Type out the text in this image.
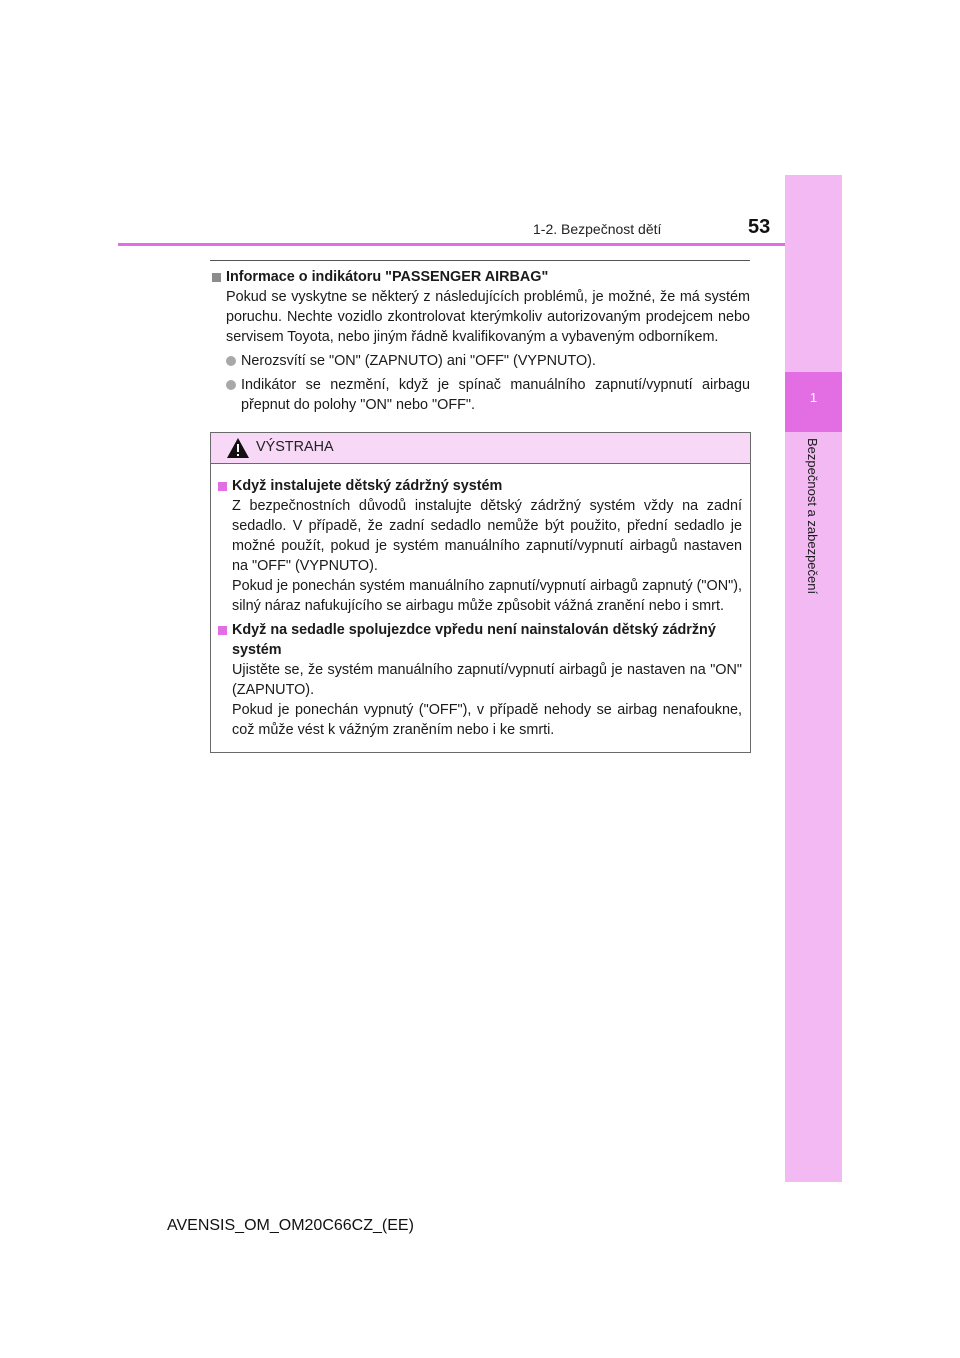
1
Bezpečnost a zabezpečení
1-2. Bezpečnost dětí	53
Informace o indikátoru "PASSENGER AIRBAG"
Pokud se vyskytne se některý z následujících problémů, je možné, že má systém poruchu. Nechte vozidlo zkontrolovat kterýmkoliv autorizovaným prodejcem nebo servisem Toyota, nebo jiným řádně kvalifikovaným a vybaveným odborníkem.
Nerozsvítí se "ON" (ZAPNUTO) ani "OFF" (VYPNUTO).
Indikátor se nezmění, když je spínač manuálního zapnutí/vypnutí airbagu přepnut do polohy "ON" nebo "OFF".
VÝSTRAHA
Když instalujete dětský zádržný systém
Z bezpečnostních důvodů instalujte dětský zádržný systém vždy na zadní sedadlo. V případě, že zadní sedadlo nemůže být použito, přední sedadlo je možné použít, pokud je systém manuálního zapnutí/vypnutí airbagů nastaven na "OFF" (VYPNUTO).
Pokud je ponechán systém manuálního zapnutí/vypnutí airbagů zapnutý ("ON"), silný náraz nafukujícího se airbagu může způsobit vážná zranění nebo i smrt.
Když na sedadle spolujezdce vpředu není nainstalován dětský zádržný systém
Ujistěte se, že systém manuálního zapnutí/vypnutí airbagů je nastaven na "ON" (ZAPNUTO).
Pokud je ponechán vypnutý ("OFF"), v případě nehody se airbag nenafoukne, což může vést k vážným zraněním nebo i ke smrti.
AVENSIS_OM_OM20C66CZ_(EE)
